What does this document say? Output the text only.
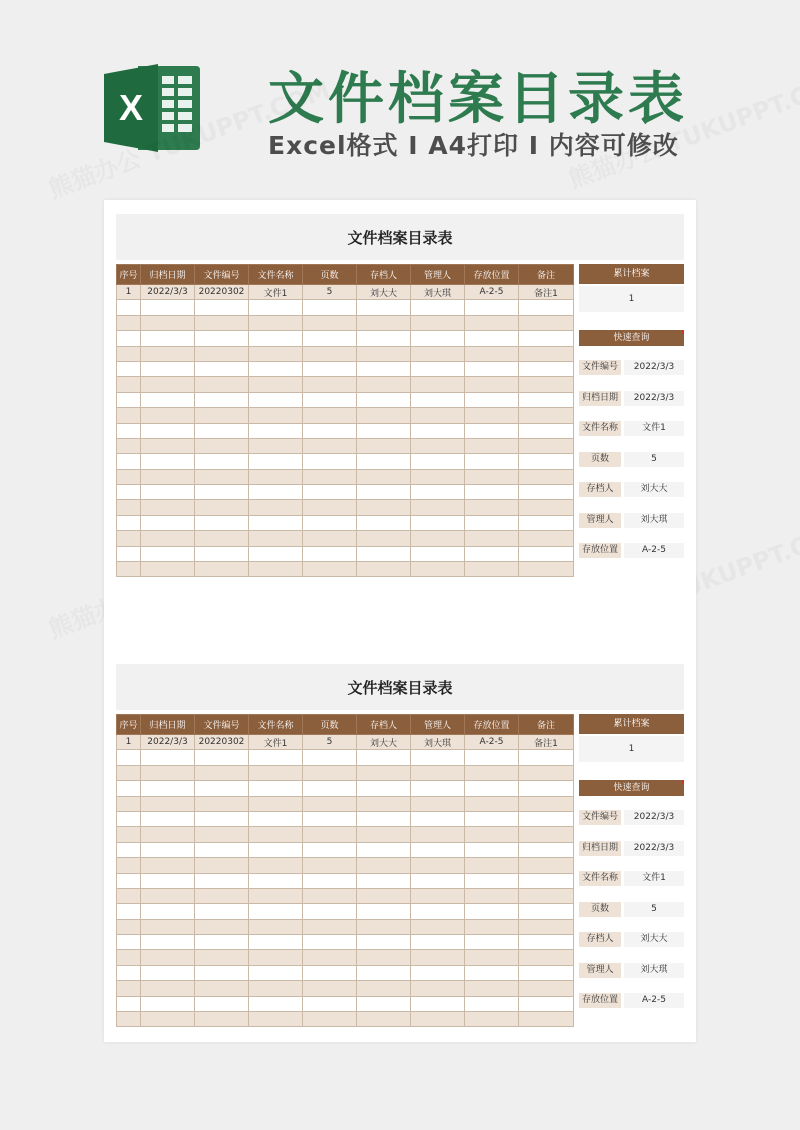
X 文件档案目录表
Excel格式 I A4打印 I 内容可修改
文件档案目录表
序号	归档日期	文件编号	文件名称	页数	存档人	管理人	存放位置	备注
1	2022/3/3	20220302	文件1	5	刘大大	刘大琪	A-2-5	备注1

累计档案
1
快速查询
文件编号	2022/3/3
归档日期	2022/3/3
文件名称	文件1
页数	5
存档人	刘大大
管理人	刘大琪
存放位置	A-2-5
文件档案目录表
序号	归档日期	文件编号	文件名称	页数	存档人	管理人	存放位置	备注
1	2022/3/3	20220302	文件1	5	刘大大	刘大琪	A-2-5	备注1

累计档案
1
快速查询
文件编号	2022/3/3
归档日期	2022/3/3
文件名称	文件1
页数	5
存档人	刘大大
管理人	刘大琪
存放位置	A-2-5
